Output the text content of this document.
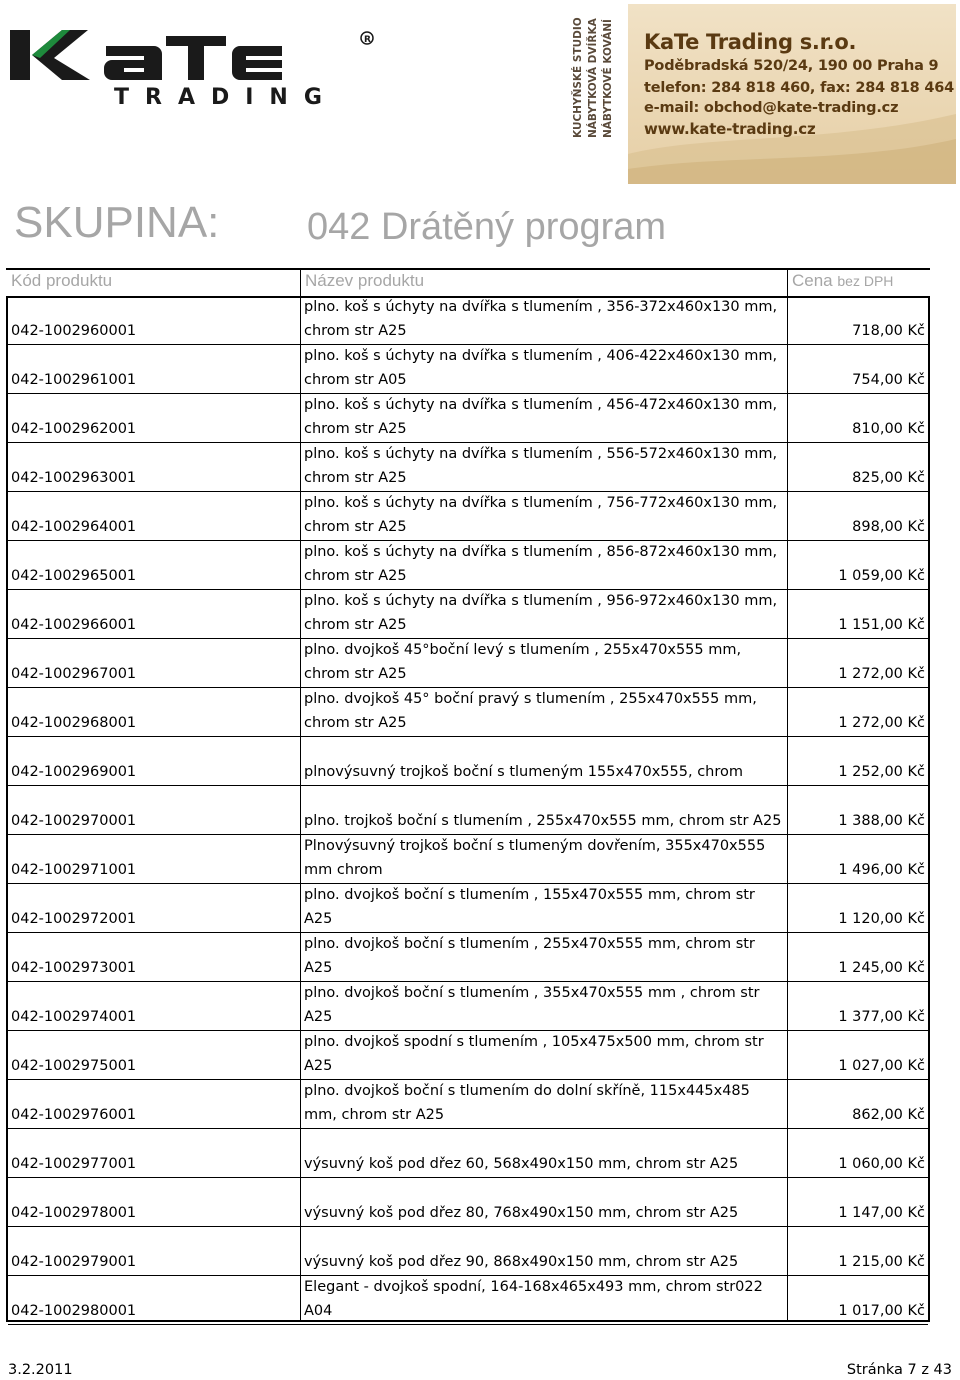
R
TRADING	KUCHYŇSKÉ STUDIO NÁBYTKOVÁ DVÍŘKA NÁBYTKOVÉ KOVÁNÍ KaTe Trading s.r.o.
Poděbradská 520/24, 190 00 Praha 9
telefon: 284 818 460, fax: 284 818 464
e-mail: obchod@kate-trading.cz
www.kate-trading.cz
SKUPINA: 042 Drátěný program
Kód produktu	Název produktu	Cena bez DPH
042-1002960001
plno. koš s úchyty na dvířka s tlumením , 356-372x460x130 mm, chrom str A25	718,00 Kč
042-1002961001
plno. koš s úchyty na dvířka s tlumením , 406-422x460x130 mm, chrom str A05	754,00 Kč
042-1002962001
plno. koš s úchyty na dvířka s tlumením , 456-472x460x130 mm, chrom str A25	810,00 Kč
042-1002963001
plno. koš s úchyty na dvířka s tlumením , 556-572x460x130 mm, chrom str A25	825,00 Kč
042-1002964001
plno. koš s úchyty na dvířka s tlumením , 756-772x460x130 mm, chrom str A25	898,00 Kč
042-1002965001
plno. koš s úchyty na dvířka s tlumením , 856-872x460x130 mm, chrom str A25	1 059,00 Kč
042-1002966001
plno. koš s úchyty na dvířka s tlumením , 956-972x460x130 mm, chrom str A25	1 151,00 Kč
042-1002967001
plno. dvojkoš 45°boční levý s tlumením , 255x470x555 mm, chrom str A25	1 272,00 Kč
042-1002968001
plno. dvojkoš 45° boční pravý s tlumením , 255x470x555 mm, chrom str A25	1 272,00 Kč
042-1002969001	plnovýsuvný trojkoš boční s tlumeným 155x470x555, chrom	1 252,00 Kč
042-1002970001	plno. trojkoš boční s tlumením , 255x470x555 mm, chrom str A25	1 388,00 Kč
042-1002971001
Plnovýsuvný trojkoš boční s tlumeným dovřením, 355x470x555 mm chrom	1 496,00 Kč
042-1002972001
plno. dvojkoš boční s tlumením , 155x470x555 mm, chrom str A25	1 120,00 Kč
042-1002973001
plno. dvojkoš boční s tlumením , 255x470x555 mm, chrom str A25	1 245,00 Kč
042-1002974001
plno. dvojkoš boční s tlumením , 355x470x555 mm , chrom str A25	1 377,00 Kč
042-1002975001
plno. dvojkoš spodní s tlumením , 105x475x500 mm, chrom str A25	1 027,00 Kč
042-1002976001
plno. dvojkoš boční s tlumením do dolní skříně, 115x445x485 mm, chrom str A25	862,00 Kč
042-1002977001	výsuvný koš pod dřez 60, 568x490x150 mm, chrom str A25	1 060,00 Kč
042-1002978001	výsuvný koš pod dřez 80, 768x490x150 mm, chrom str A25	1 147,00 Kč
042-1002979001	výsuvný koš pod dřez 90, 868x490x150 mm, chrom str A25	1 215,00 Kč
042-1002980001
Elegant - dvojkoš spodní, 164-168x465x493 mm, chrom str022 A04	1 017,00 Kč
3.2.2011	Stránka 7 z 43
